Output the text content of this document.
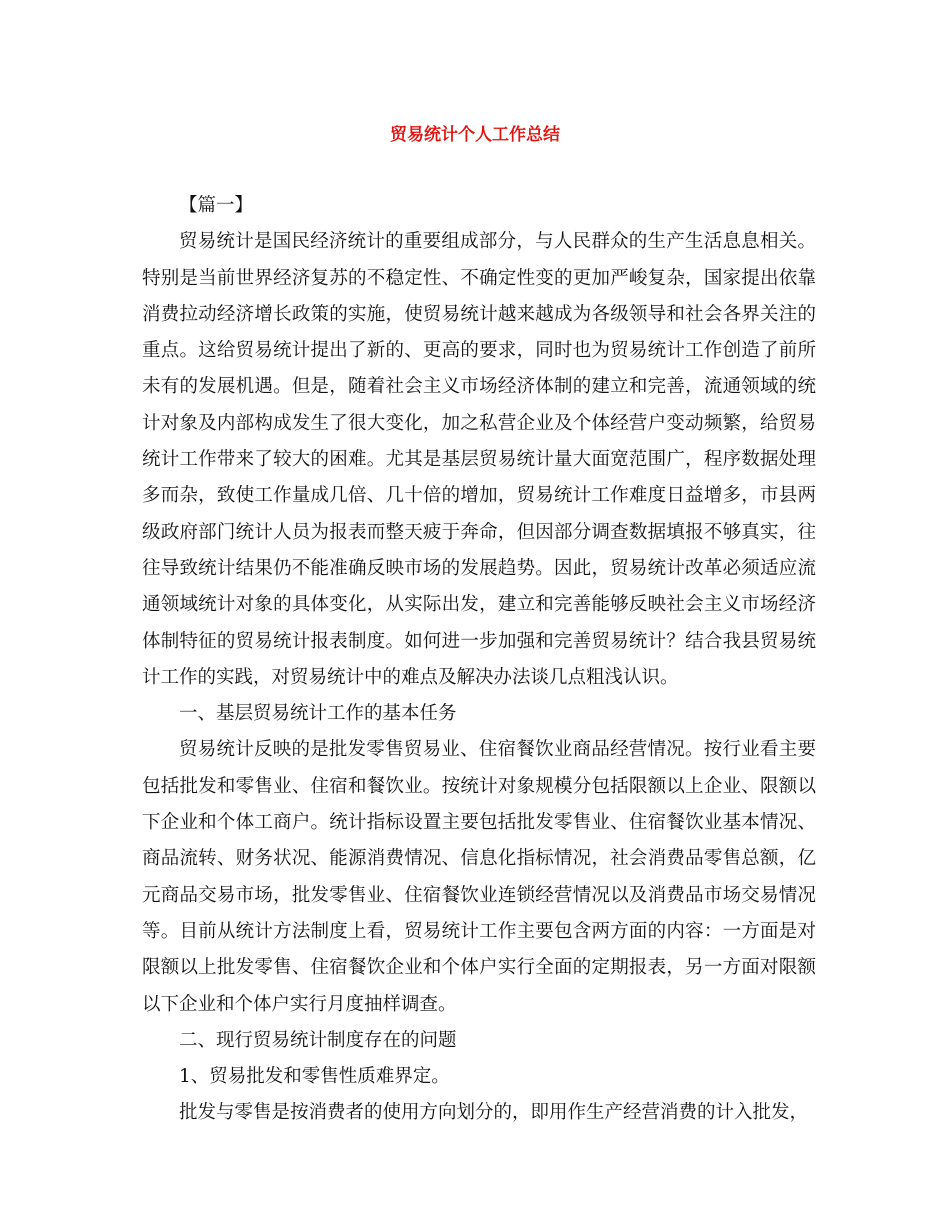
贸易统计个人工作总结

【篇一】

贸易统计是国民经济统计的重要组成部分，与人民群众的生产生活息息相关。特别是当前世界经济复苏的不稳定性、不确定性变的更加严峻复杂，国家提出依靠消费拉动经济增长政策的实施，使贸易统计越来越成为各级领导和社会各界关注的重点。这给贸易统计提出了新的、更高的要求，同时也为贸易统计工作创造了前所未有的发展机遇。但是，随着社会主义市场经济体制的建立和完善，流通领域的统计对象及内部构成发生了很大变化，加之私营企业及个体经营户变动频繁，给贸易统计工作带来了较大的困难。尤其是基层贸易统计量大面宽范围广，程序数据处理多而杂，致使工作量成几倍、几十倍的增加，贸易统计工作难度日益增多，市县两级政府部门统计人员为报表而整天疲于奔命，但因部分调查数据填报不够真实，往往导致统计结果仍不能准确反映市场的发展趋势。因此，贸易统计改革必须适应流通领域统计对象的具体变化，从实际出发，建立和完善能够反映社会主义市场经济体制特征的贸易统计报表制度。如何进一步加强和完善贸易统计？结合我县贸易统计工作的实践，对贸易统计中的难点及解决办法谈几点粗浅认识。

一、基层贸易统计工作的基本任务

贸易统计反映的是批发零售贸易业、住宿餐饮业商品经营情况。按行业看主要包括批发和零售业、住宿和餐饮业。按统计对象规模分包括限额以上企业、限额以下企业和个体工商户。统计指标设置主要包括批发零售业、住宿餐饮业基本情况、商品流转、财务状况、能源消费情况、信息化指标情况，社会消费品零售总额，亿元商品交易市场，批发零售业、住宿餐饮业连锁经营情况以及消费品市场交易情况等。目前从统计方法制度上看，贸易统计工作主要包含两方面的内容：一方面是对限额以上批发零售、住宿餐饮企业和个体户实行全面的定期报表，另一方面对限额以下企业和个体户实行月度抽样调查。

二、现行贸易统计制度存在的问题

1、贸易批发和零售性质难界定。

批发与零售是按消费者的使用方向划分的，即用作生产经营消费的计入批发，
